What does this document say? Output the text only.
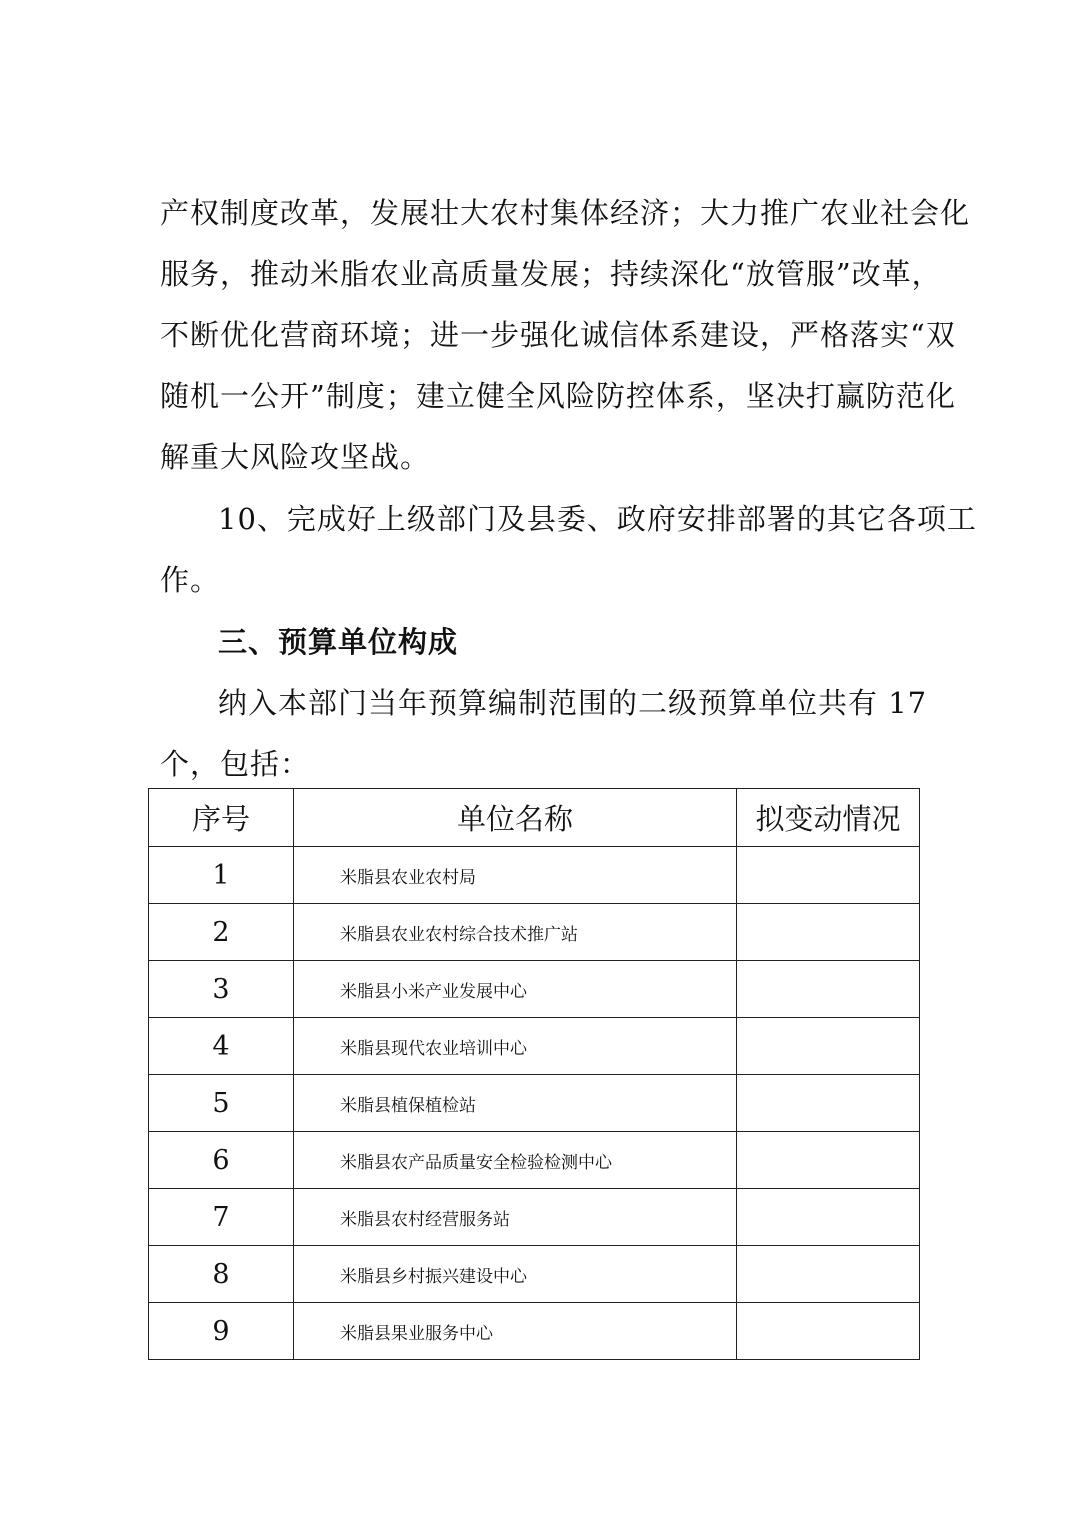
产权制度改革，发展壮大农村集体经济；大力推广农业社会化
服务，推动米脂农业高质量发展；持续深化“放管服”改革，
不断优化营商环境；进一步强化诚信体系建设，严格落实“双
随机一公开”制度；建立健全风险防控体系，坚决打赢防范化
解重大风险攻坚战。

10、完成好上级部门及县委、政府安排部署的其它各项工
作。

三、预算单位构成

纳入本部门当年预算编制范围的二级预算单位共有 17
个，包括：

序号	单位名称	拟变动情况
1	米脂县农业农村局	
2	米脂县农业农村综合技术推广站	
3	米脂县小米产业发展中心	
4	米脂县现代农业培训中心	
5	米脂县植保植检站	
6	米脂县农产品质量安全检验检测中心	
7	米脂县农村经营服务站	
8	米脂县乡村振兴建设中心	
9	米脂县果业服务中心	
